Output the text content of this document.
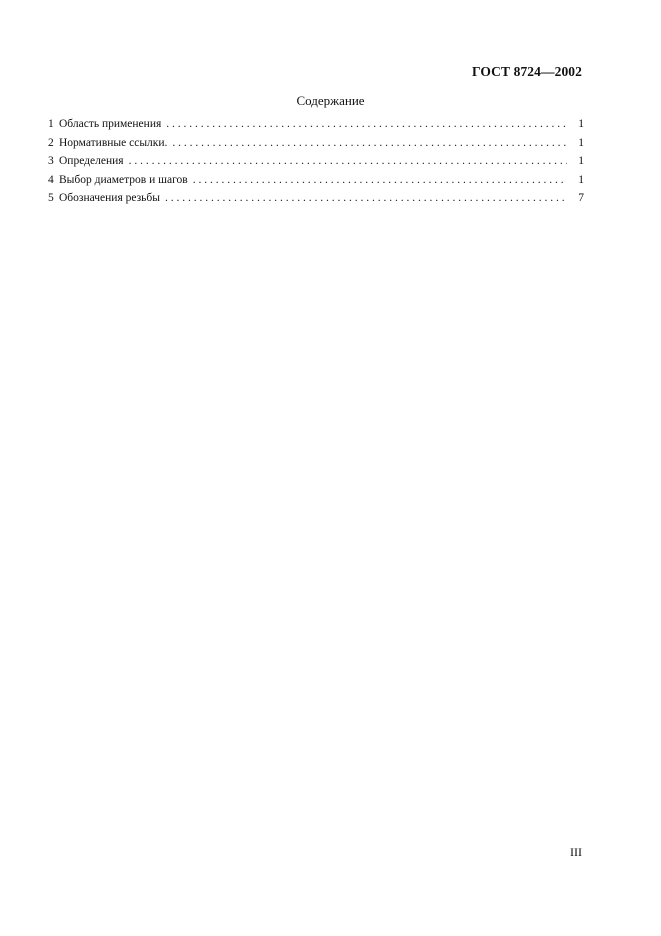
ГОСТ 8724—2002
Содержание
1 Область применения . . .	1
2 Нормативные ссылки. . . .	1
3 Определения . . .	1
4 Выбор диаметров и шагов . . .	1
5 Обозначения резьбы . . .	7
III
